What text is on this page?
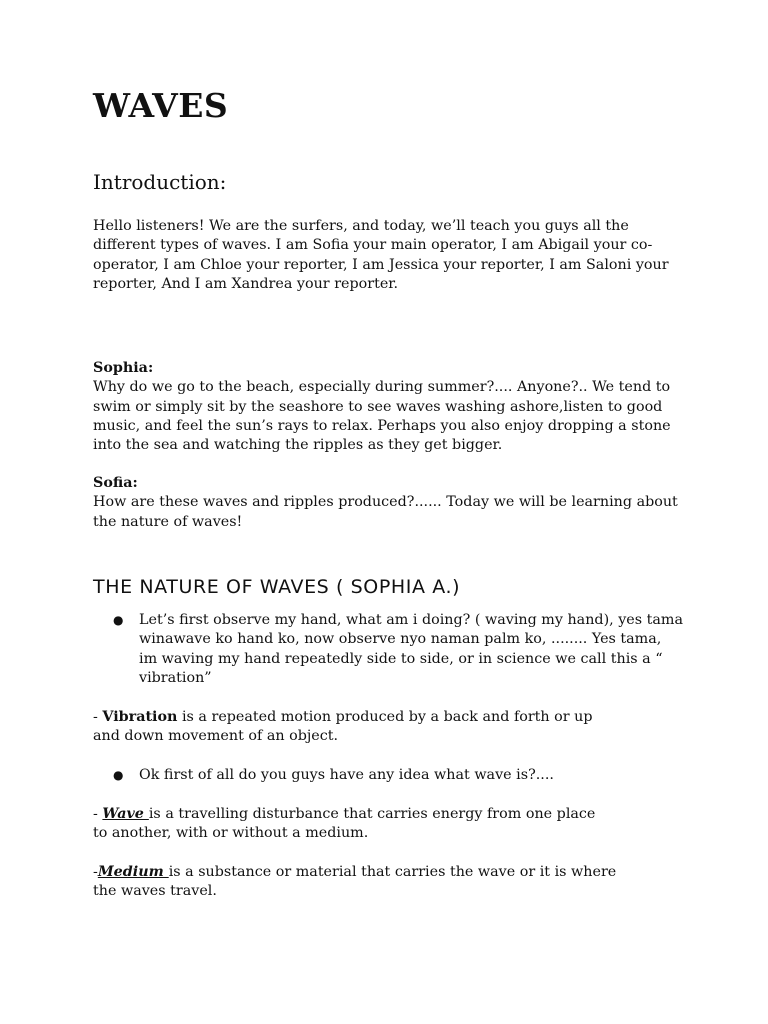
WAVES
Introduction:

Hello listeners! We are the surfers, and today, we’ll teach you guys all the different types of waves. I am Sofia your main operator, I am Abigail your co-operator, I am Chloe your reporter, I am Jessica your reporter, I am Saloni your reporter, And I am Xandrea your reporter.

Sophia:
Why do we go to the beach, especially during summer?.... Anyone?.. We tend to swim or simply sit by the seashore to see waves washing ashore,listen to good music, and feel the sun’s rays to relax. Perhaps you also enjoy dropping a stone into the sea and watching the ripples as they get bigger.

Sofia:
How are these waves and ripples produced?...... Today we will be learning about the nature of waves!

THE NATURE OF WAVES ( SOPHIA A.)
● Let’s first observe my hand, what am i doing? ( waving my hand), yes tama winawave ko hand ko, now observe nyo naman palm ko, ........ Yes tama, im waving my hand repeatedly side to side, or in science we call this a “ vibration”

- Vibration is a repeated motion produced by a back and forth or up and down movement of an object.

● Ok first of all do you guys have any idea what wave is?....

- Wave is a travelling disturbance that carries energy from one place to another, with or without a medium.

-Medium is a substance or material that carries the wave or it is where the waves travel.
